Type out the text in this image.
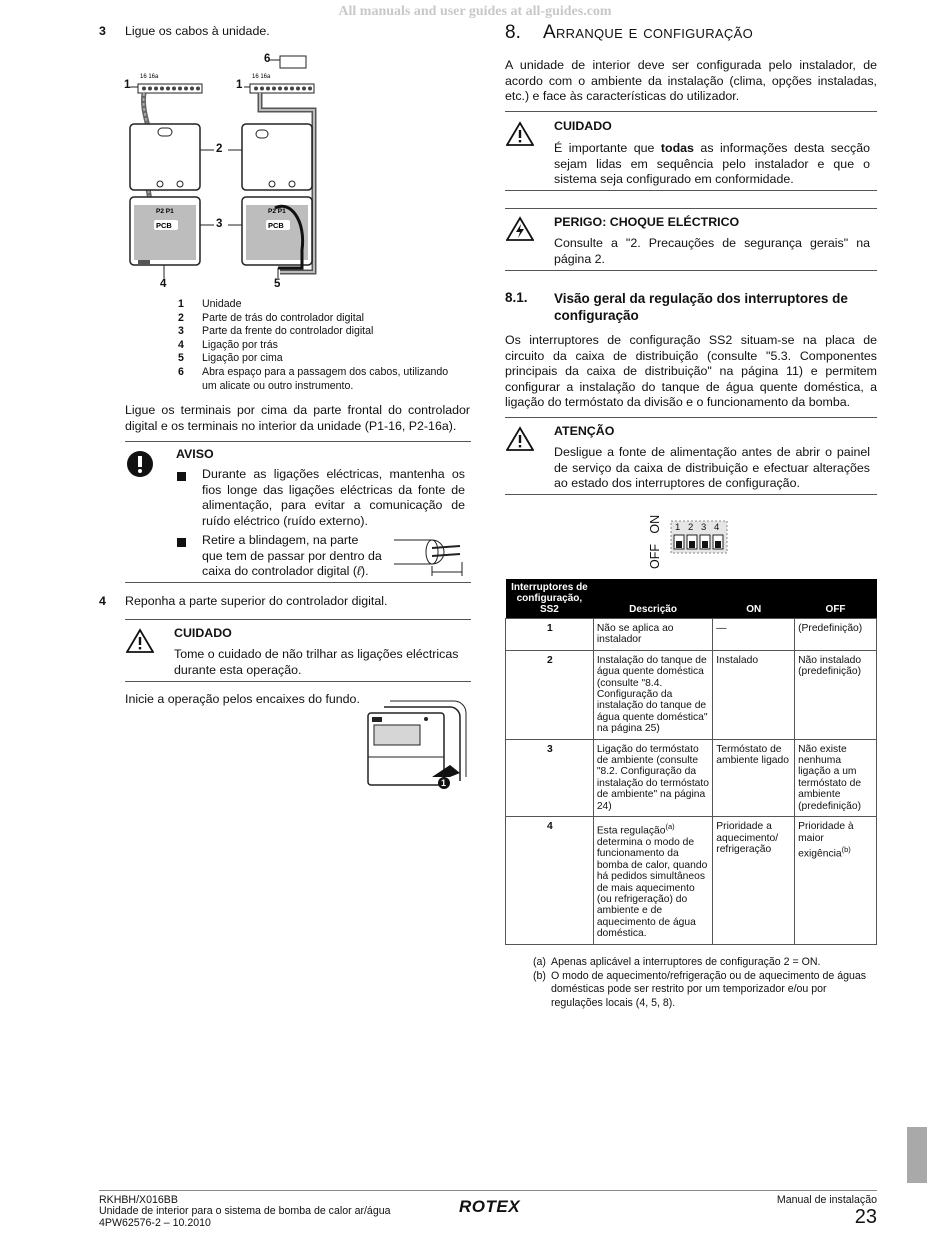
All manuals and user guides at all-guides.com
3 Ligue os cabos à unidade.
16 16a
PCB
P2 P1
16 16a
PCB
P2 P1
1	1
2
3
4	5
6
1	Unidade
2	Parte de trás do controlador digital
3	Parte da frente do controlador digital
4	Ligação por trás
5	Ligação por cima
6	Abra espaço para a passagem dos cabos, utilizando um alicate ou outro instrumento.
Ligue os terminais por cima da parte frontal do controlador digital e os terminais no interior da unidade (P1-16, P2-16a).
AVISO
Durante as ligações eléctricas, mantenha os fios longe das ligações eléctricas da fonte de alimentação, para evitar a comunicação de ruído eléctrico (ruído externo).
Retire a blindagem, na parte que tem de passar por dentro da caixa do controlador digital (ℓ).
4 Reponha a parte superior do controlador digital.
CUIDADO
Tome o cuidado de não trilhar as ligações eléctricas durante esta operação.
Inicie a operação pelos encaixes do fundo.
1
8. Arranque e configuração
A unidade de interior deve ser configurada pelo instalador, de acordo com o ambiente da instalação (clima, opções instaladas, etc.) e face às características do utilizador.
CUIDADO
É importante que todas as informações desta secção sejam lidas em sequência pelo instalador e que o sistema seja configurado em conformidade.
PERIGO: CHOQUE ELÉCTRICO
Consulte a "2. Precauções de segurança gerais" na página 2.
8.1. Visão geral da regulação dos interruptores de configuração
Os interruptores de configuração SS2 situam-se na placa de circuito da caixa de distribuição (consulte "5.3. Componentes principais da caixa de distribuição" na página 11) e permitem configurar a instalação do tanque de água quente doméstica, a ligação do termóstato da divisão e o funcionamento da bomba.
ATENÇÃO
Desligue a fonte de alimentação antes de abrir o painel de serviço da caixa de distribuição e efectuar alterações ao estado dos interruptores de configuração.
OFF   ON 1 2 3 4
Interruptores de configuração, SS2	Descrição	ON	OFF
1	Não se aplica ao instalador	—	(Predefinição)
2	Instalação do tanque de água quente doméstica (consulte "8.4. Configuração da instalação do tanque de água quente doméstica" na página 25)	Instalado	Não instalado (predefinição)
3	Ligação do termóstato de ambiente (consulte "8.2. Configuração da instalação do termóstato de ambiente" na página 24)	Termóstato de ambiente ligado	Não existe nenhuma ligação a um termóstato de ambiente (predefinição)
4	Esta regulação$^{(a)}$ determina o modo de funcionamento da bomba de calor, quando há pedidos simultâneos de mais aquecimento (ou refrigeração) do ambiente e de aquecimento de água doméstica.	Prioridade a aquecimento/ refrigeração	Prioridade à maior exigência$^{(b)}$
(a) Apenas aplicável a interruptores de configuração 2 = ON.
(b) O modo de aquecimento/refrigeração ou de aquecimento de águas domésticas pode ser restrito por um temporizador e/ou por regulações locais (4, 5, 8).
RKHBH/X016BB
Unidade de interior para o sistema de bomba de calor ar/água
4PW62576-2 – 10.2010
ROTEX	Manual de instalação
23
